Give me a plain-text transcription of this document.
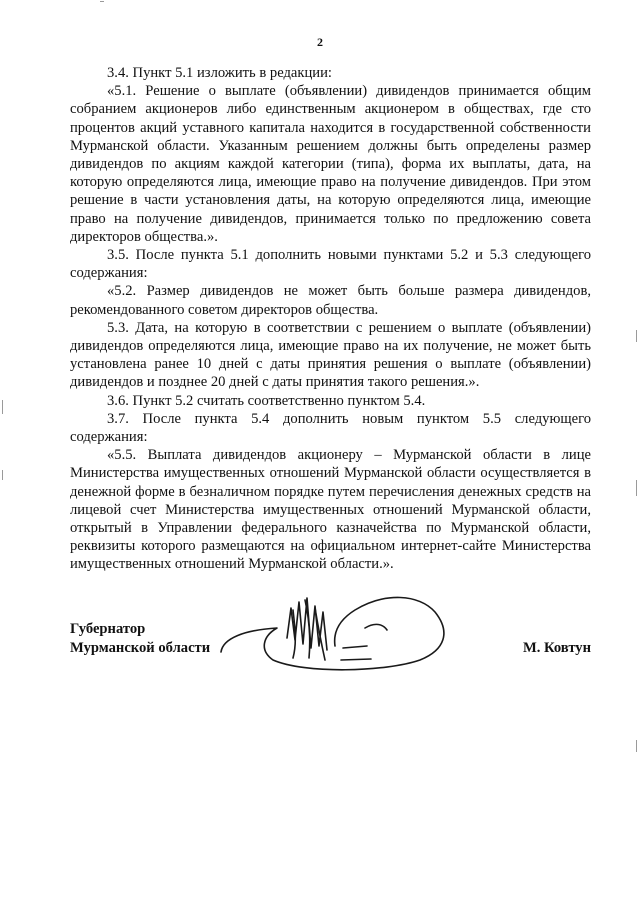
2

3.4. Пункт 5.1 изложить в редакции:

«5.1. Решение о выплате (объявлении) дивидендов принимается общим собранием акционеров либо единственным акционером в обществах, где сто процентов акций уставного капитала находится в государственной собственности Мурманской области. Указанным решением должны быть определены размер дивидендов по акциям каждой категории (типа), форма их выплаты, дата, на которую определяются лица, имеющие право на получение дивидендов. При этом решение в части установления даты, на которую определяются лица, имеющие право на получение дивидендов, принимается только по предложению совета директоров общества.».

3.5. После пункта 5.1 дополнить новыми пунктами 5.2 и 5.3 следующего содержания:

«5.2. Размер дивидендов не может быть больше размера дивидендов, рекомендованного советом директоров общества.

5.3. Дата, на которую в соответствии с решением о выплате (объявлении) дивидендов определяются лица, имеющие право на их получение, не может быть установлена ранее 10 дней с даты принятия решения о выплате (объявлении) дивидендов и позднее 20 дней с даты принятия такого решения.».

3.6. Пункт 5.2 считать соответственно пунктом 5.4.

3.7. После пункта 5.4 дополнить новым пунктом 5.5 следующего содержания:

«5.5. Выплата дивидендов акционеру – Мурманской области в лице Министерства имущественных отношений Мурманской области осуществляется в денежной форме в безналичном порядке путем перечисления денежных средств на лицевой счет Министерства имущественных отношений Мурманской области, открытый в Управлении федерального казначейства по Мурманской области, реквизиты которого размещаются на официальном интернет-сайте Министерства имущественных отношений Мурманской области.».

Губернатор
Мурманской области	М. Ковтун
